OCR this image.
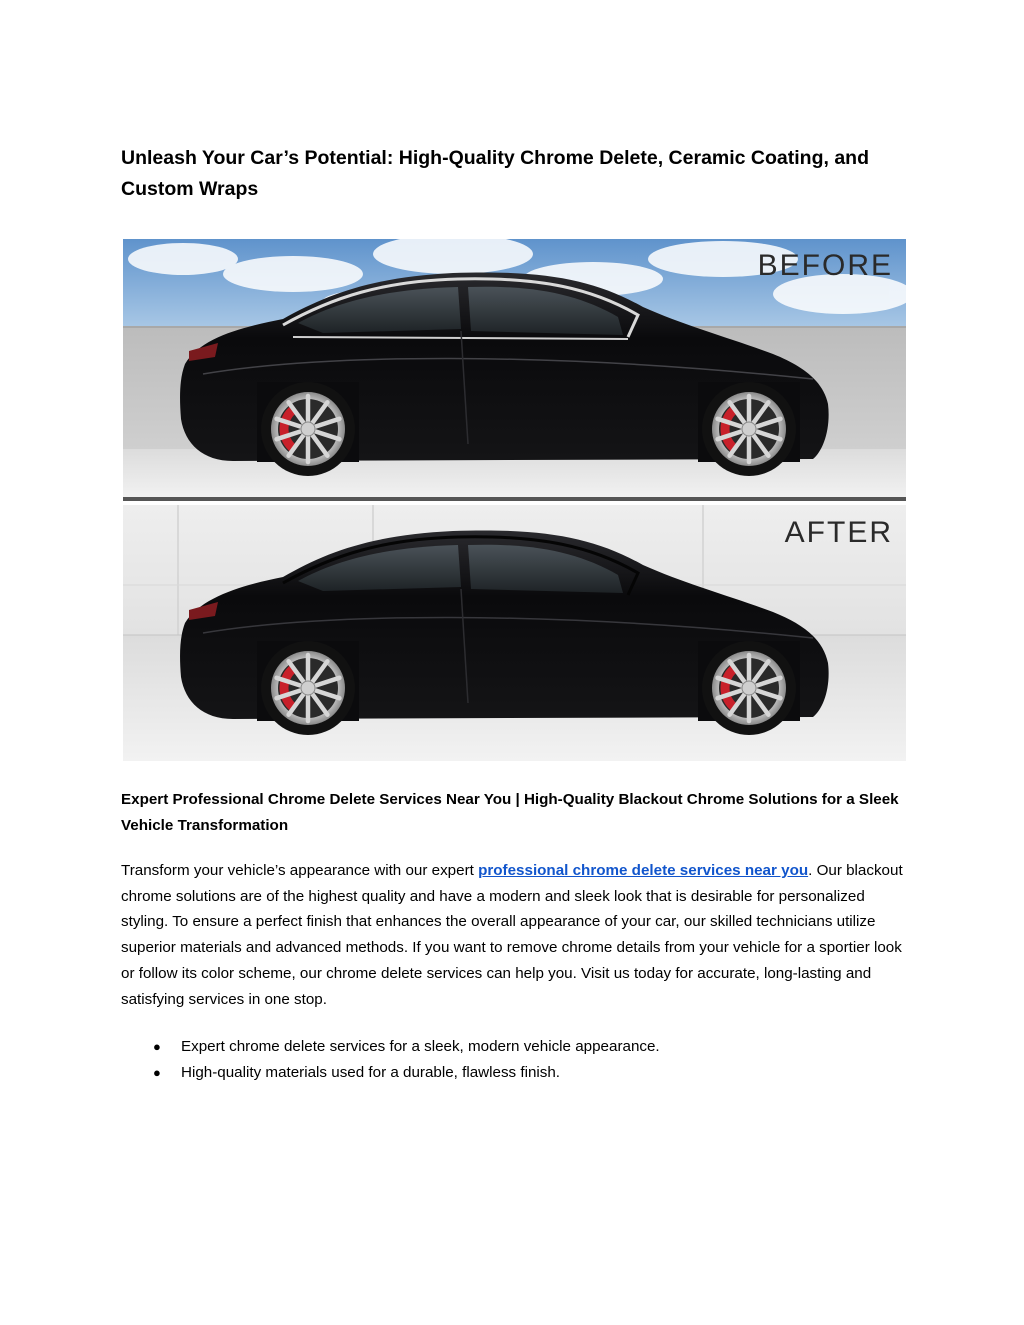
Unleash Your Car’s Potential: High-Quality Chrome Delete, Ceramic Coating, and Custom Wraps
BEFORE
AFTER
Expert Professional Chrome Delete Services Near You | High-Quality Blackout Chrome Solutions for a Sleek Vehicle Transformation

Transform your vehicle’s appearance with our expert professional chrome delete services near you. Our blackout chrome solutions are of the highest quality and have a modern and sleek look that is desirable for personalized styling. To ensure a perfect finish that enhances the overall appearance of your car, our skilled technicians utilize superior materials and advanced methods. If you want to remove chrome details from your vehicle for a sportier look or follow its color scheme, our chrome delete services can help you. Visit us today for accurate, long-lasting and satisfying services in one stop.

● Expert chrome delete services for a sleek, modern vehicle appearance.
● High-quality materials used for a durable, flawless finish.
